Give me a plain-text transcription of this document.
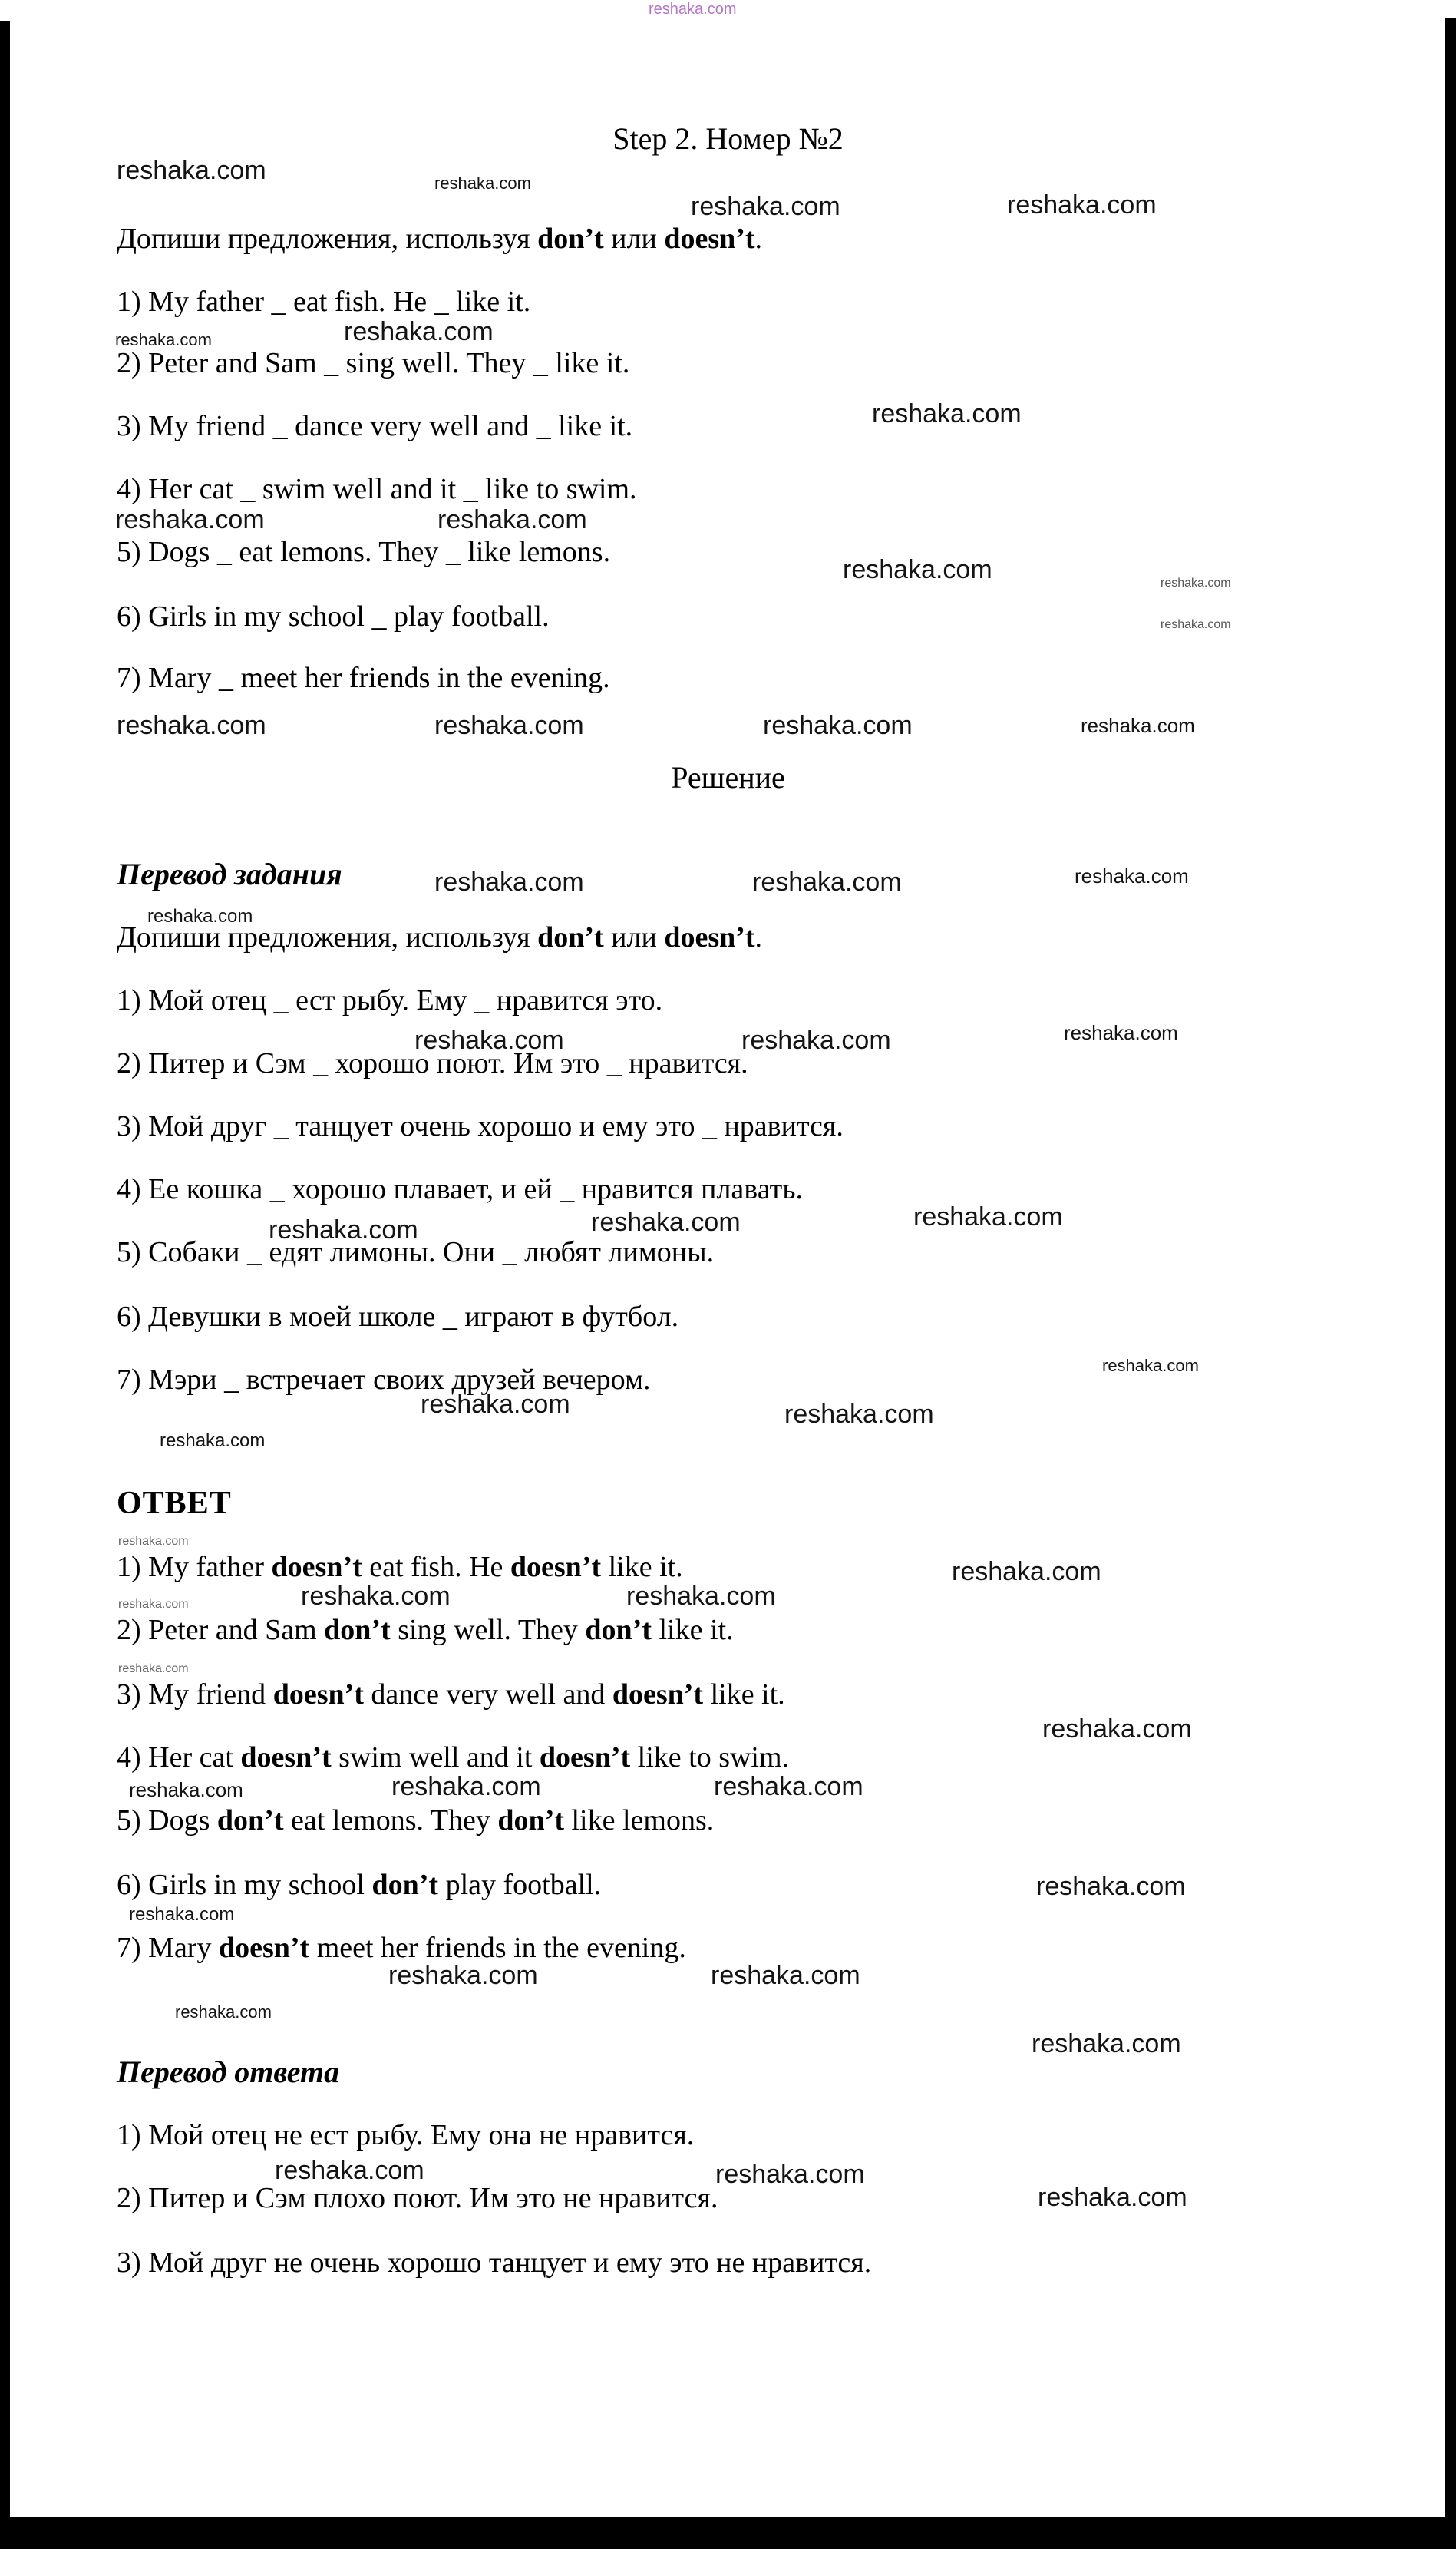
reshaka.com
reshaka.com	reshaka.com
reshaka.com	reshaka.com
reshaka.com	reshaka.com
reshaka.com
reshaka.com	reshaka.com
reshaka.com	reshaka.com
reshaka.com
reshaka.com	reshaka.com	reshaka.com	reshaka.com
reshaka.com	reshaka.com	reshaka.com
reshaka.com
reshaka.com	reshaka.com	reshaka.com
reshaka.com	reshaka.com	reshaka.com
reshaka.com
reshaka.com	reshaka.com
reshaka.com
reshaka.com
reshaka.com
reshaka.com	reshaka.com	reshaka.com
reshaka.com
reshaka.com
reshaka.com	reshaka.com	reshaka.com
reshaka.com
reshaka.com
reshaka.com	reshaka.com
reshaka.com
reshaka.com
reshaka.com	reshaka.com
reshaka.com
Step 2. Номер №2
Допиши предложения, используя don’t или doesn’t.
1) My father _ eat fish. He _ like it.
2) Peter and Sam _ sing well. They _ like it.
3) My friend _ dance very well and _ like it.
4) Her cat _ swim well and it _ like to swim.
5) Dogs _ eat lemons. They _ like lemons.
6) Girls in my school _ play football.
7) Mary _ meet her friends in the evening.
Решение
Перевод задания
Допиши предложения, используя don’t или doesn’t.
1) Мой отец _ ест рыбу. Ему _ нравится это.
2) Питер и Сэм _ хорошо поют. Им это _ нравится.
3) Мой друг _ танцует очень хорошо и ему это _ нравится.
4) Ее кошка _ хорошо плавает, и ей _ нравится плавать.
5) Собаки _ едят лимоны. Они _ любят лимоны.
6) Девушки в моей школе _ играют в футбол.
7) Мэри _ встречает своих друзей вечером.
ОТВЕТ
1) My father doesn’t eat fish. He doesn’t like it.
2) Peter and Sam don’t sing well. They don’t like it.
3) My friend doesn’t dance very well and doesn’t like it.
4) Her cat doesn’t swim well and it doesn’t like to swim.
5) Dogs don’t eat lemons. They don’t like lemons.
6) Girls in my school don’t play football.
7) Mary doesn’t meet her friends in the evening.
Перевод ответа
1) Мой отец не ест рыбу. Ему она не нравится.
2) Питер и Сэм плохо поют. Им это не нравится.
3) Мой друг не очень хорошо танцует и ему это не нравится.
